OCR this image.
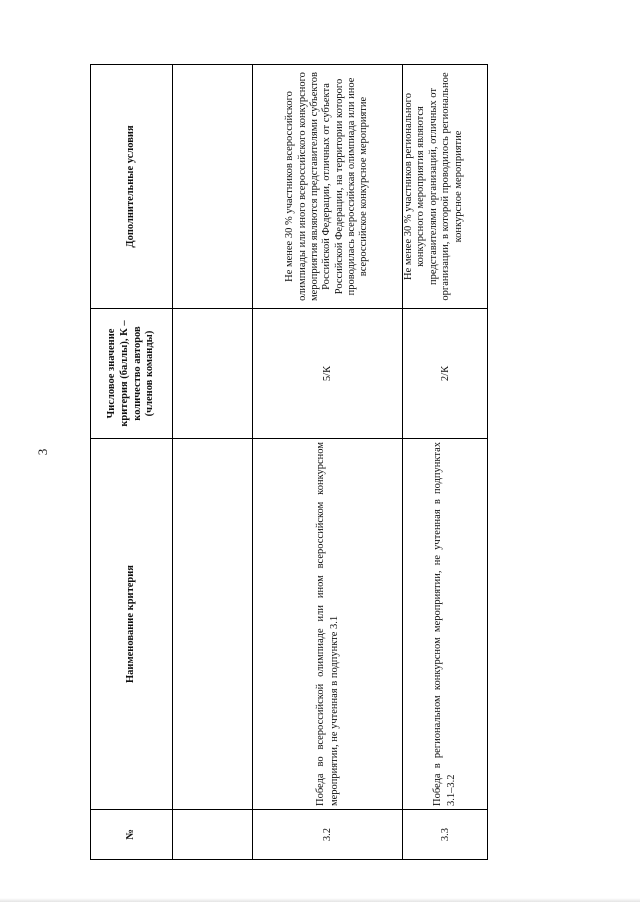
3
№	Наименование критерия	Числовое значение критерия (баллы), К – количество авторов (членов команды)	Дополнительные условия

3.2	Победа во всероссийской олимпиаде или ином всероссийском конкурсном мероприятии, не учтенная в подпункте 3.1	5/К	Не менее 30 % участников всероссийского олимпиады или иного всероссийского конкурсного мероприятия являются представителями субъектов Российской Федерации, отличных от субъекта Российской Федерации, на территории которого проводилась всероссийская олимпиада или иное всероссийское конкурсное мероприятие
3.3	Победа в региональном конкурсном мероприятии, не учтенная в подпунктах 3.1–3.2	2/К	Не менее 30 % участников регионального конкурсного мероприятия являются представителями организаций, отличных от организации, в которой проводилось региональное конкурсное мероприятие
